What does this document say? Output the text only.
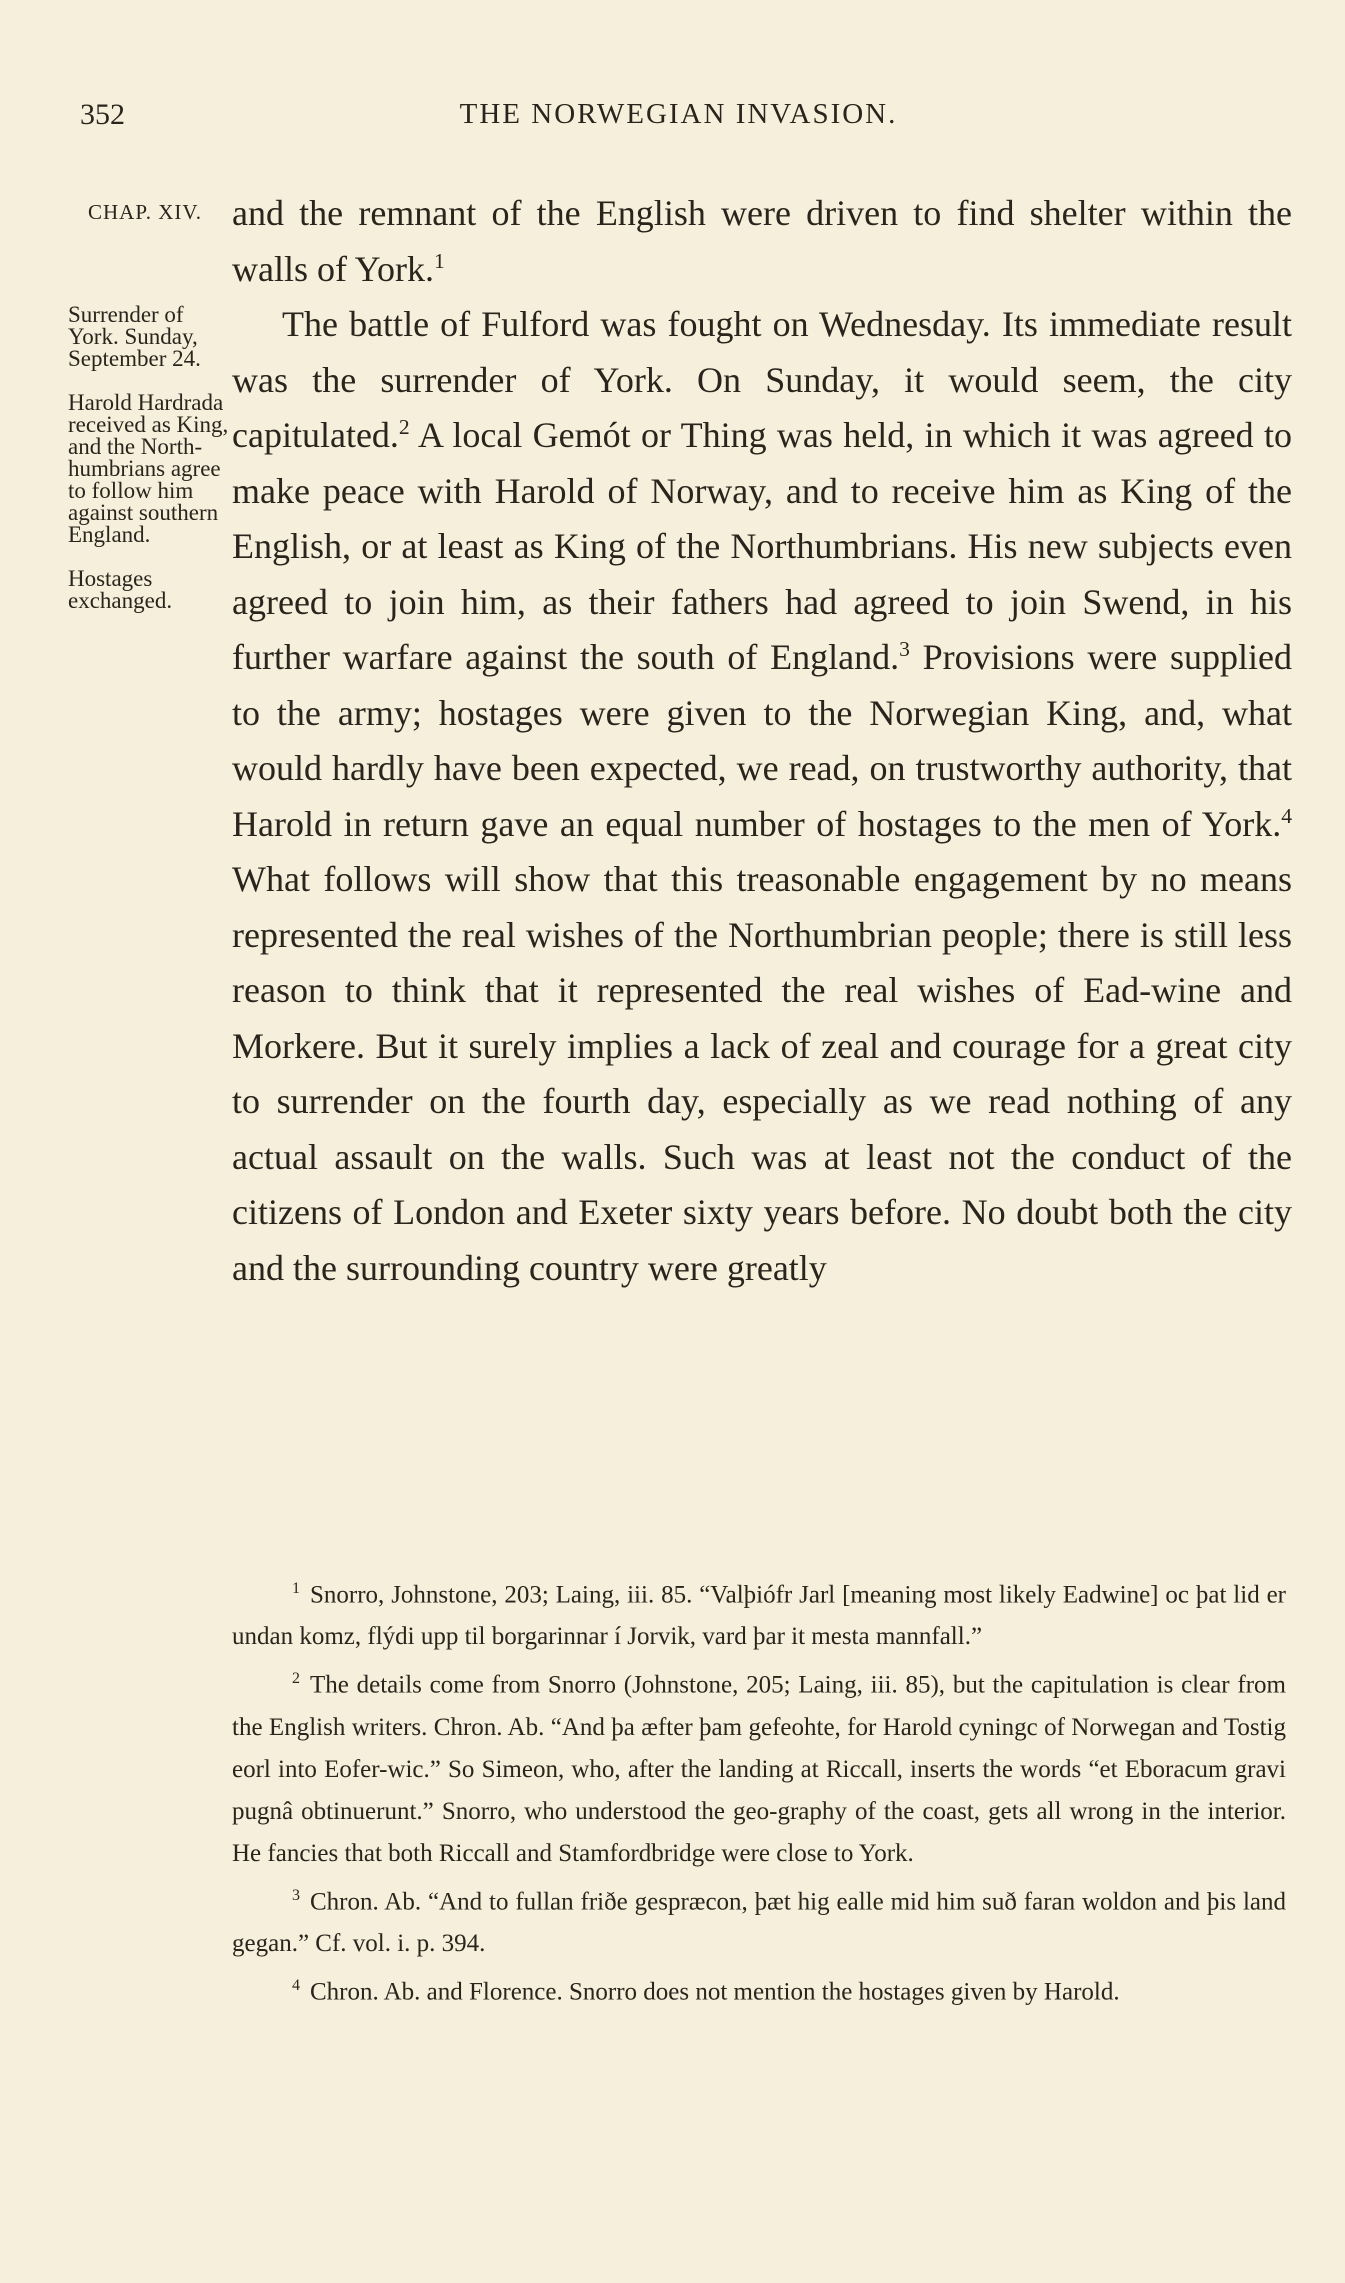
352	THE NORWEGIAN INVASION.
CHAP. XIV.
Surrender of York. Sunday, September 24.
Harold Hardrada received as King, and the North-humbrians agree to follow him against southern England.
Hostages exchanged.

and the remnant of the English were driven to find shelter within the walls of York.$^1$

The battle of Fulford was fought on Wednesday. Its immediate result was the surrender of York. On Sunday, it would seem, the city capitulated.$^2$ A local Gemót or Thing was held, in which it was agreed to make peace with Harold of Norway, and to receive him as King of the English, or at least as King of the Northumbrians. His new subjects even agreed to join him, as their fathers had agreed to join Swend, in his further warfare against the south of England.$^3$ Provisions were supplied to the army; hostages were given to the Norwegian King, and, what would hardly have been expected, we read, on trustworthy authority, that Harold in return gave an equal number of hostages to the men of York.$^4$ What follows will show that this treasonable engagement by no means represented the real wishes of the Northumbrian people; there is still less reason to think that it represented the real wishes of Ead-wine and Morkere. But it surely implies a lack of zeal and courage for a great city to surrender on the fourth day, especially as we read nothing of any actual assault on the walls. Such was at least not the conduct of the citizens of London and Exeter sixty years before. No doubt both the city and the surrounding country were greatly

$^1$ Snorro, Johnstone, 203; Laing, iii. 85. “Valþiófr Jarl [meaning most likely Eadwine] oc þat lid er undan komz, flýdi upp til borgarinnar í Jorvik, vard þar it mesta mannfall.”

$^2$ The details come from Snorro (Johnstone, 205; Laing, iii. 85), but the capitulation is clear from the English writers. Chron. Ab. “And þa æfter þam gefeohte, for Harold cyningc of Norwegan and Tostig eorl into Eofer-wic.” So Simeon, who, after the landing at Riccall, inserts the words “et Eboracum gravi pugnâ obtinuerunt.” Snorro, who understood the geo-graphy of the coast, gets all wrong in the interior. He fancies that both Riccall and Stamfordbridge were close to York.

$^3$ Chron. Ab. “And to fullan friðe gespræcon, þæt hig ealle mid him suð faran woldon and þis land gegan.” Cf. vol. i. p. 394.

$^4$ Chron. Ab. and Florence. Snorro does not mention the hostages given by Harold.
